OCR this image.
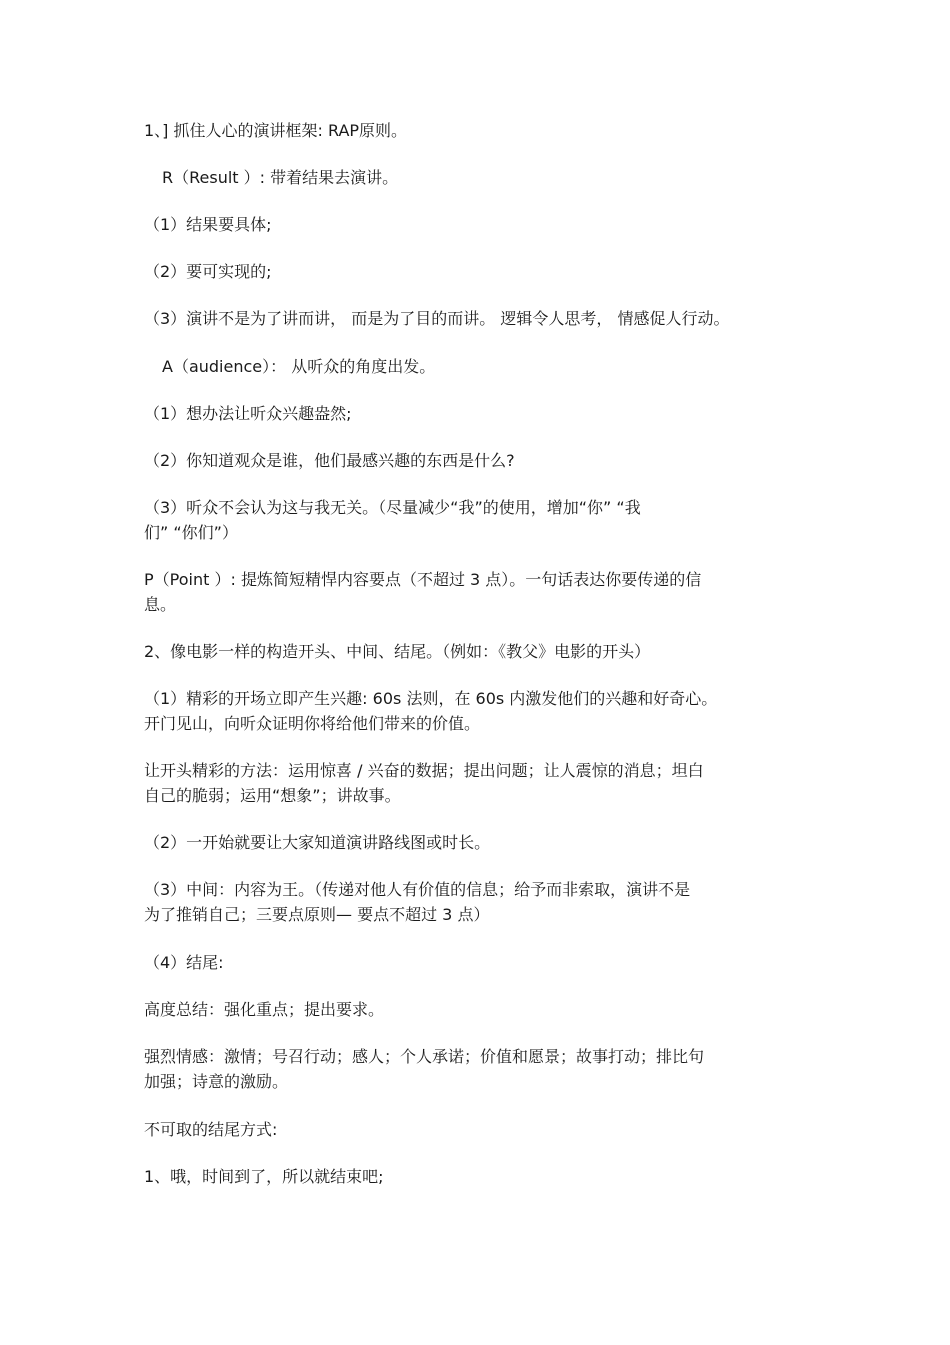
1、] 抓住人心的演讲框架: RAP原则。
R（Result ）: 带着结果去演讲。
（1）结果要具体;
（2）要可实现的;
（3）演讲不是为了讲而讲， 而是为了目的而讲。 逻辑令人思考， 情感促人行动。
A（audience）： 从听众的角度出发。
（1）想办法让听众兴趣盎然;
（2）你知道观众是谁，他们最感兴趣的东西是什么?
（3）听众不会认为这与我无关。（尽量减少“我”的使用，增加“你” “我
们” “你们”）
P（Point ）: 提炼简短精悍内容要点（不超过 3 点）。一句话表达你要传递的信
息。
2、像电影一样的构造开头、中间、结尾。（例如：《教父》电影的开头）
（1）精彩的开场立即产生兴趣: 60s 法则，在 60s 内激发他们的兴趣和好奇心。
开门见山，向听众证明你将给他们带来的价值。
让开头精彩的方法：运用惊喜 / 兴奋的数据；提出问题；让人震惊的消息；坦白
自己的脆弱；运用“想象”；讲故事。
（2）一开始就要让大家知道演讲路线图或时长。
（3）中间：内容为王。（传递对他人有价值的信息；给予而非索取，演讲不是
为了推销自己；三要点原则— 要点不超过 3 点）
（4）结尾:
高度总结：强化重点；提出要求。
强烈情感：激情；号召行动；感人；个人承诺；价值和愿景；故事打动；排比句
加强；诗意的激励。
不可取的结尾方式:
1、哦，时间到了，所以就结束吧;
